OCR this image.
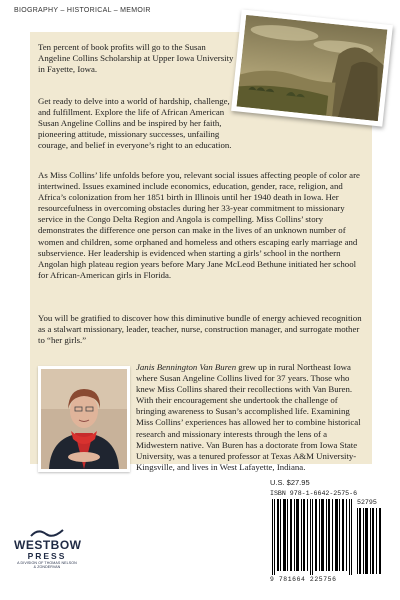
BIOGRAPHY – HISTORICAL – MEMOIR

Ten percent of book profits will go to the Susan Angeline Collins Scholarship at Upper Iowa University in Fayette, Iowa.

Get ready to delve into a world of hardship, challenge, and fulfillment. Explore the life of African American Susan Angeline Collins and be inspired by her faith, pioneering attitude, missionary successes, unfailing courage, and belief in everyone’s right to an education.

As Miss Collins’ life unfolds before you, relevant social issues affecting people of color are intertwined. Issues examined include economics, education, gender, race, religion, and Africa’s colonization from her 1851 birth in Illinois until her 1940 death in Iowa. Her resourcefulness in overcoming obstacles during her 33-year commitment to missionary service in the Congo Delta Region and Angola is compelling. Miss Collins’ story demonstrates the difference one person can make in the lives of an unknown number of women and children, some orphaned and homeless and others escaping early marriage and subservience. Her leadership is evidenced when starting a girls’ school in the northern Angolan high plateau region years before Mary Jane McLeod Bethune initiated her school for African-American girls in Florida.

You will be gratified to discover how this diminutive bundle of energy achieved recognition as a stalwart missionary, leader, teacher, nurse, construction manager, and surrogate mother to “her girls.”

Janis Bennington Van Buren grew up in rural Northeast Iowa where Susan Angeline Collins lived for 37 years. Those who knew Miss Collins shared their recollections with Van Buren. With their encouragement she undertook the challenge of bringing awareness to Susan’s accomplished life. Examining Miss Collins’ experiences has allowed her to combine historical research and missionary interests through the lens of a Midwestern native. Van Buren has a doctorate from Iowa State University, was a tenured professor at Texas A&M University-Kingsville, and lives in West Lafayette, Indiana.

WESTBOW
PRESS
A DIVISION OF THOMAS NELSON
& ZONDERVAN
U.S. $27.95
ISBN 978-1-6642-2575-6
52795
9 781664 225756
